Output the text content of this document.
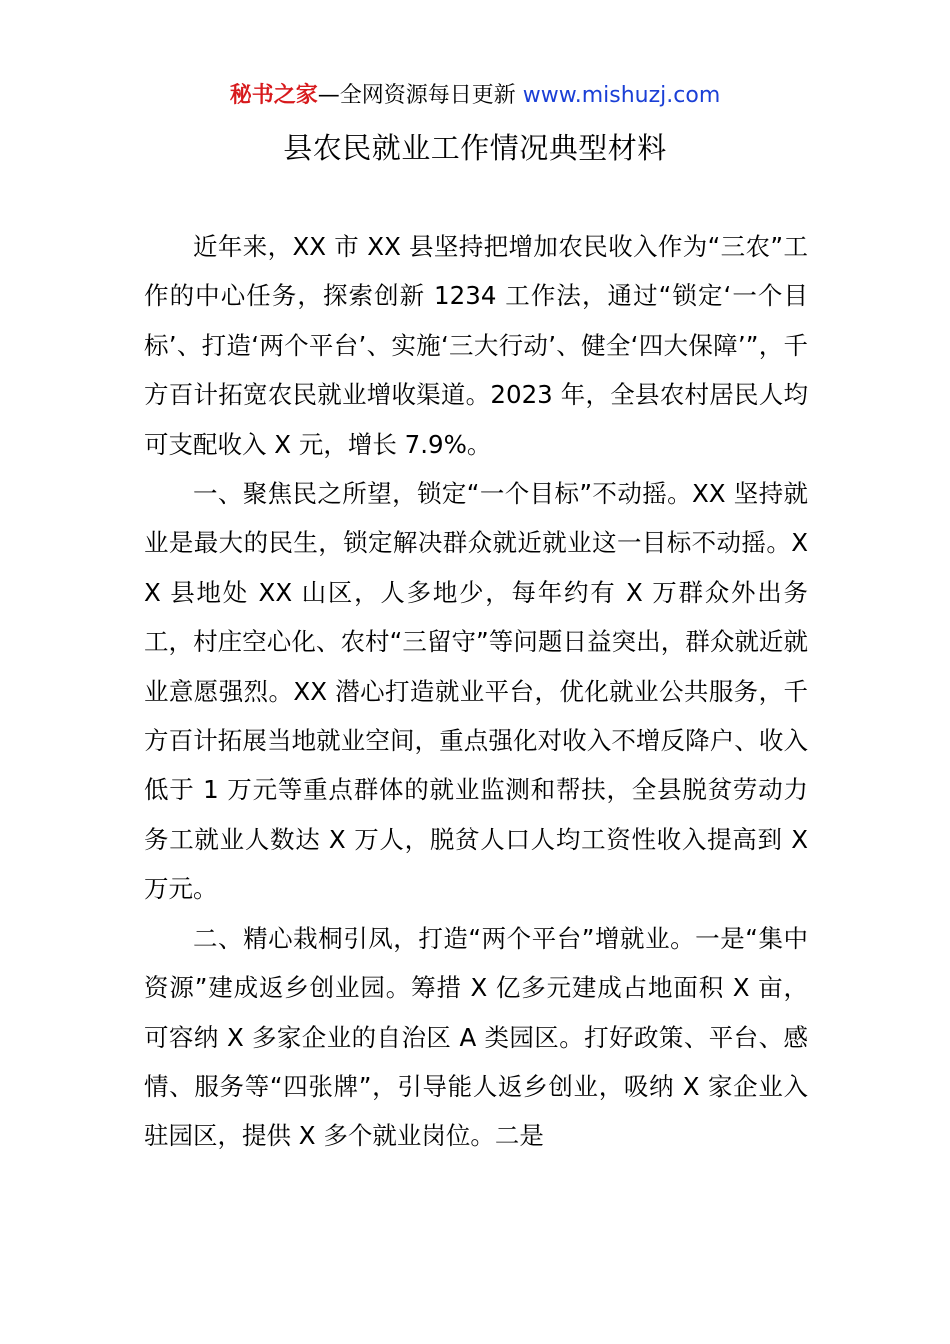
秘书之家—全网资源每日更新 www.mishuzj.com
县农民就业工作情况典型材料

近年来，XX 市 XX 县坚持把增加农民收入作为“三农”工作的中心任务，探索创新 1234 工作法，通过“锁定‘一个目标’、打造‘两个平台’、实施‘三大行动’、健全‘四大保障’”，千方百计拓宽农民就业增收渠道。2023 年，全县农村居民人均可支配收入 X 元，增长 7.9%。

一、聚焦民之所望，锁定“一个目标”不动摇。XX 坚持就业是最大的民生，锁定解决群众就近就业这一目标不动摇。XX 县地处 XX 山区，人多地少，每年约有 X 万群众外出务工，村庄空心化、农村“三留守”等问题日益突出，群众就近就业意愿强烈。XX 潜心打造就业平台，优化就业公共服务，千方百计拓展当地就业空间，重点强化对收入不增反降户、收入低于 1 万元等重点群体的就业监测和帮扶，全县脱贫劳动力务工就业人数达 X 万人，脱贫人口人均工资性收入提高到 X 万元。

二、精心栽桐引凤，打造“两个平台”增就业。一是“集中资源”建成返乡创业园。筹措 X 亿多元建成占地面积 X 亩，可容纳 X 多家企业的自治区 A 类园区。打好政策、平台、感情、服务等“四张牌”，引导能人返乡创业，吸纳 X 家企业入驻园区，提供 X 多个就业岗位。二是
